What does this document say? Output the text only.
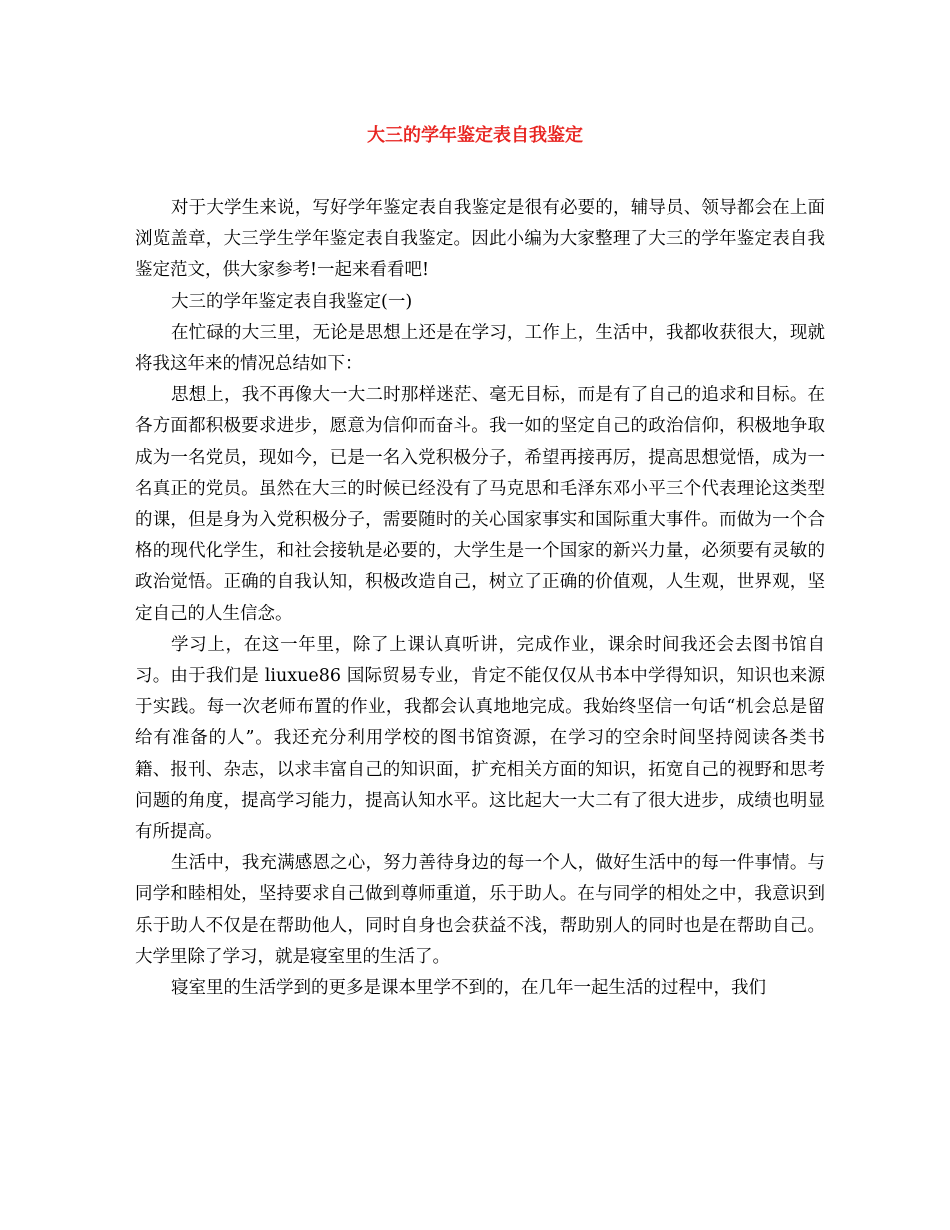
大三的学年鉴定表自我鉴定

对于大学生来说，写好学年鉴定表自我鉴定是很有必要的，辅导员、领导都会在上面浏览盖章，大三学生学年鉴定表自我鉴定。因此小编为大家整理了大三的学年鉴定表自我鉴定范文，供大家参考!一起来看看吧!

大三的学年鉴定表自我鉴定(一)

在忙碌的大三里，无论是思想上还是在学习，工作上，生活中，我都收获很大，现就将我这年来的情况总结如下：

思想上，我不再像大一大二时那样迷茫、毫无目标，而是有了自己的追求和目标。在各方面都积极要求进步，愿意为信仰而奋斗。我一如的坚定自己的政治信仰，积极地争取成为一名党员，现如今，已是一名入党积极分子，希望再接再厉，提高思想觉悟，成为一名真正的党员。虽然在大三的时候已经没有了马克思和毛泽东邓小平三个代表理论这类型的课，但是身为入党积极分子，需要随时的关心国家事实和国际重大事件。而做为一个合格的现代化学生，和社会接轨是必要的，大学生是一个国家的新兴力量，必须要有灵敏的政治觉悟。正确的自我认知，积极改造自己，树立了正确的价值观，人生观，世界观，坚定自己的人生信念。

学习上，在这一年里，除了上课认真听讲，完成作业，课余时间我还会去图书馆自习。由于我们是 liuxue86 国际贸易专业，肯定不能仅仅从书本中学得知识，知识也来源于实践。每一次老师布置的作业，我都会认真地地完成。我始终坚信一句话“机会总是留给有准备的人”。我还充分利用学校的图书馆资源，在学习的空余时间坚持阅读各类书籍、报刊、杂志，以求丰富自己的知识面，扩充相关方面的知识，拓宽自己的视野和思考问题的角度，提高学习能力，提高认知水平。这比起大一大二有了很大进步，成绩也明显有所提高。

生活中，我充满感恩之心，努力善待身边的每一个人，做好生活中的每一件事情。与同学和睦相处，坚持要求自己做到尊师重道，乐于助人。在与同学的相处之中，我意识到乐于助人不仅是在帮助他人，同时自身也会获益不浅，帮助别人的同时也是在帮助自己。大学里除了学习，就是寝室里的生活了。

寝室里的生活学到的更多是课本里学不到的，在几年一起生活的过程中，我们
